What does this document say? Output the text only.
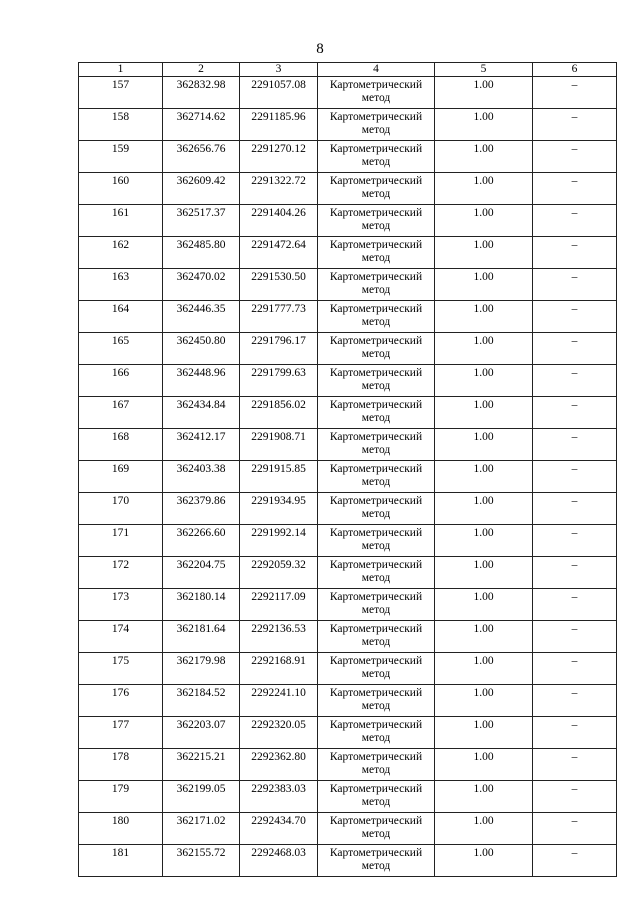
8
1	2	3	4	5	6
157	362832.98	2291057.08	Картометрический метод	1.00	–
158	362714.62	2291185.96	Картометрический метод	1.00	–
159	362656.76	2291270.12	Картометрический метод	1.00	–
160	362609.42	2291322.72	Картометрический метод	1.00	–
161	362517.37	2291404.26	Картометрический метод	1.00	–
162	362485.80	2291472.64	Картометрический метод	1.00	–
163	362470.02	2291530.50	Картометрический метод	1.00	–
164	362446.35	2291777.73	Картометрический метод	1.00	–
165	362450.80	2291796.17	Картометрический метод	1.00	–
166	362448.96	2291799.63	Картометрический метод	1.00	–
167	362434.84	2291856.02	Картометрический метод	1.00	–
168	362412.17	2291908.71	Картометрический метод	1.00	–
169	362403.38	2291915.85	Картометрический метод	1.00	–
170	362379.86	2291934.95	Картометрический метод	1.00	–
171	362266.60	2291992.14	Картометрический метод	1.00	–
172	362204.75	2292059.32	Картометрический метод	1.00	–
173	362180.14	2292117.09	Картометрический метод	1.00	–
174	362181.64	2292136.53	Картометрический метод	1.00	–
175	362179.98	2292168.91	Картометрический метод	1.00	–
176	362184.52	2292241.10	Картометрический метод	1.00	–
177	362203.07	2292320.05	Картометрический метод	1.00	–
178	362215.21	2292362.80	Картометрический метод	1.00	–
179	362199.05	2292383.03	Картометрический метод	1.00	–
180	362171.02	2292434.70	Картометрический метод	1.00	–
181	362155.72	2292468.03	Картометрический метод	1.00	–
